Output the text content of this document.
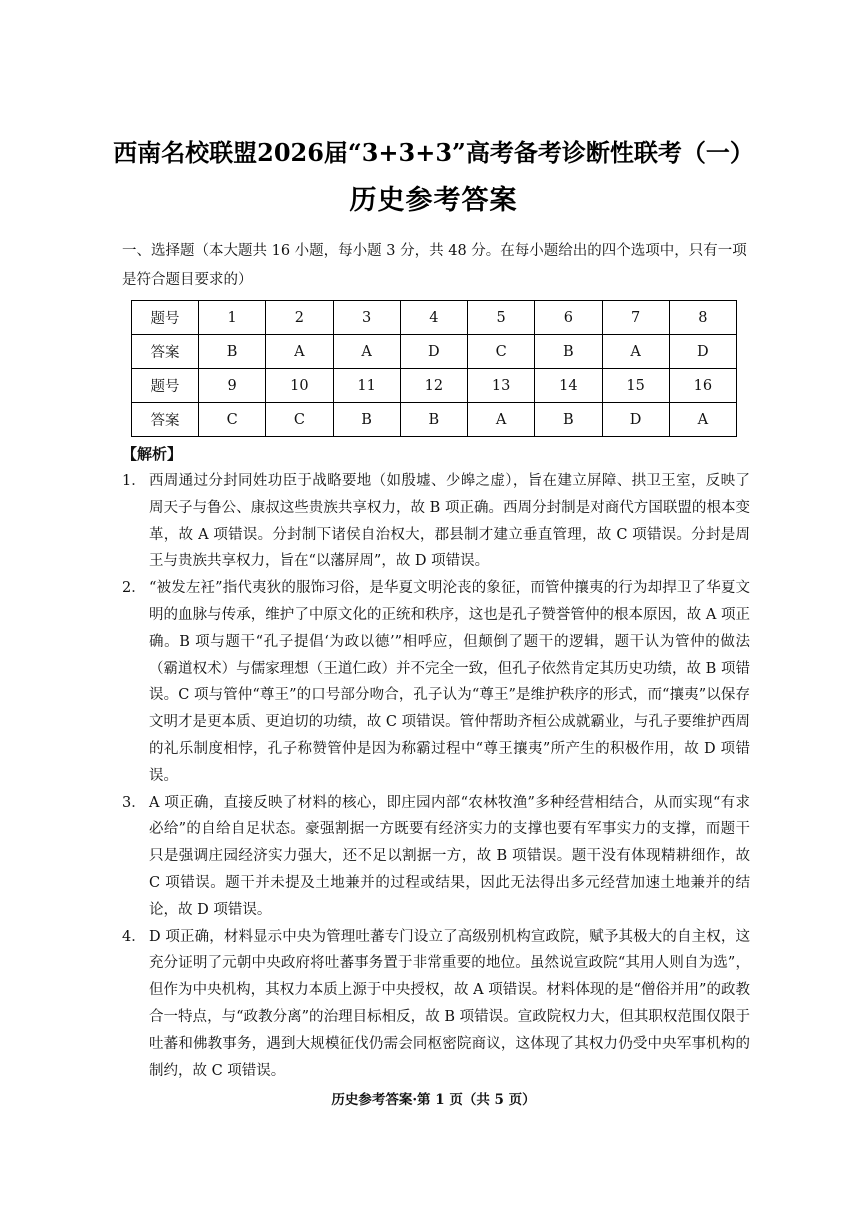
西南名校联盟2026届“3+3+3”高考备考诊断性联考（一）
历史参考答案
一、选择题（本大题共 16 小题，每小题 3 分，共 48 分。在每小题给出的四个选项中，只有一项是符合题目要求的）
题号	1	2	3	4	5	6	7	8
答案	B	A	A	D	C	B	A	D
题号	9	10	11	12	13	14	15	16
答案	C	C	B	B	A	B	D	A
【解析】

1． 西周通过分封同姓功臣于战略要地（如殷墟、少皞之虚），旨在建立屏障、拱卫王室，反映了周天子与鲁公、康叔这些贵族共享权力，故 B 项正确。西周分封制是对商代方国联盟的根本变革，故 A 项错误。分封制下诸侯自治权大，郡县制才建立垂直管理，故 C 项错误。分封是周王与贵族共享权力，旨在“以藩屏周”，故 D 项错误。

2． “被发左衽”指代夷狄的服饰习俗，是华夏文明沦丧的象征，而管仲攘夷的行为却捍卫了华夏文明的血脉与传承，维护了中原文化的正统和秩序，这也是孔子赞誉管仲的根本原因，故 A 项正确。B 项与题干“孔子提倡‘为政以德’”相呼应，但颠倒了题干的逻辑，题干认为管仲的做法（霸道权术）与儒家理想（王道仁政）并不完全一致，但孔子依然肯定其历史功绩，故 B 项错误。C 项与管仲“尊王”的口号部分吻合，孔子认为“尊王”是维护秩序的形式，而“攘夷”以保存文明才是更本质、更迫切的功绩，故 C 项错误。管仲帮助齐桓公成就霸业，与孔子要维护西周的礼乐制度相悖，孔子称赞管仲是因为称霸过程中“尊王攘夷”所产生的积极作用，故 D 项错误。

3． A 项正确，直接反映了材料的核心，即庄园内部“农林牧渔”多种经营相结合，从而实现“有求必给”的自给自足状态。豪强割据一方既要有经济实力的支撑也要有军事实力的支撑，而题干只是强调庄园经济实力强大，还不足以割据一方，故 B 项错误。题干没有体现精耕细作，故 C 项错误。题干并未提及土地兼并的过程或结果，因此无法得出多元经营加速土地兼并的结论，故 D 项错误。

4． D 项正确，材料显示中央为管理吐蕃专门设立了高级别机构宣政院，赋予其极大的自主权，这充分证明了元朝中央政府将吐蕃事务置于非常重要的地位。虽然说宣政院“其用人则自为选”，但作为中央机构，其权力本质上源于中央授权，故 A 项错误。材料体现的是“僧俗并用”的政教合一特点，与“政教分离”的治理目标相反，故 B 项错误。宣政院权力大，但其职权范围仅限于吐蕃和佛教事务，遇到大规模征伐仍需会同枢密院商议，这体现了其权力仍受中央军事机构的制约，故 C 项错误。

历史参考答案·第 1 页（共 5 页）
